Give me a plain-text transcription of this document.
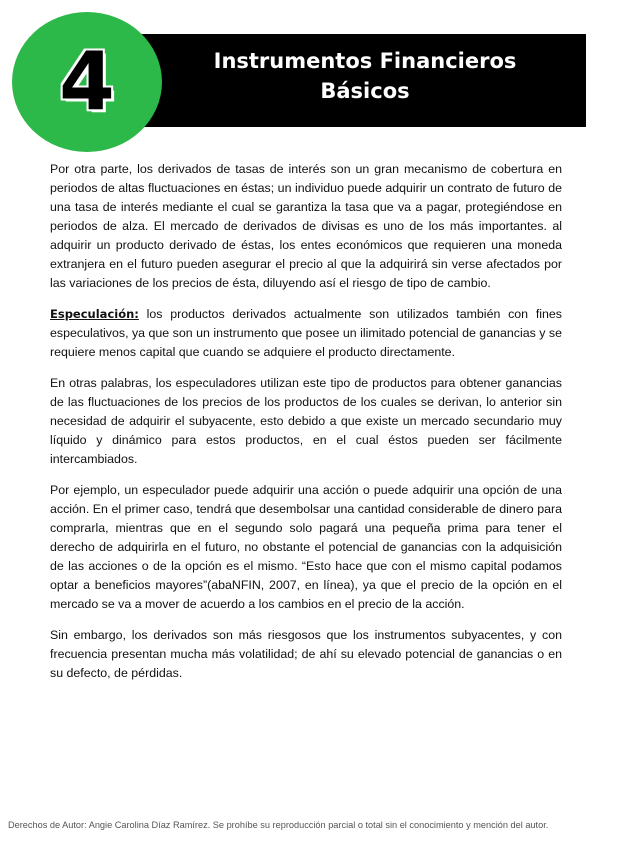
4	Instrumentos Financieros
Básicos

Por otra parte, los derivados de tasas de interés son un gran mecanismo de cobertura en periodos de altas fluctuaciones en éstas; un individuo puede adquirir un contrato de futuro de una tasa de interés mediante el cual se garantiza la tasa que va a pagar, protegiéndose en periodos de alza. El mercado de derivados de divisas es uno de los más importantes. al adquirir un producto derivado de éstas, los entes económicos que requieren una moneda extranjera en el futuro pueden asegurar el precio al que la adquirirá sin verse afectados por las variaciones de los precios de ésta, diluyendo así el riesgo de tipo de cambio.

Especulación: los productos derivados actualmente son utilizados también con fines especulativos, ya que son un instrumento que posee un ilimitado potencial de ganancias y se requiere menos capital que cuando se adquiere el producto directamente.

En otras palabras, los especuladores utilizan este tipo de productos para obtener ganancias de las fluctuaciones de los precios de los productos de los cuales se derivan, lo anterior sin necesidad de adquirir el subyacente, esto debido a que existe un mercado secundario muy líquido y dinámico para estos productos, en el cual éstos pueden ser fácilmente intercambiados.

Por ejemplo, un especulador puede adquirir una acción o puede adquirir una opción de una acción. En el primer caso, tendrá que desembolsar una cantidad considerable de dinero para comprarla, mientras que en el segundo solo pagará una pequeña prima para tener el derecho de adquirirla en el futuro, no obstante el potencial de ganancias con la adquisición de las acciones o de la opción es el mismo. “Esto hace que con el mismo capital podamos optar a beneficios mayores”(abaNFIN, 2007, en línea), ya que el precio de la opción en el mercado se va a mover de acuerdo a los cambios en el precio de la acción.

Sin embargo, los derivados son más riesgosos que los instrumentos subyacentes, y con frecuencia presentan mucha más volatilidad; de ahí su elevado potencial de ganancias o en su defecto, de pérdidas.

Derechos de Autor: Angie Carolina Díaz Ramírez. Se prohíbe su reproducción parcial o total sin el conocimiento y mención del autor.
